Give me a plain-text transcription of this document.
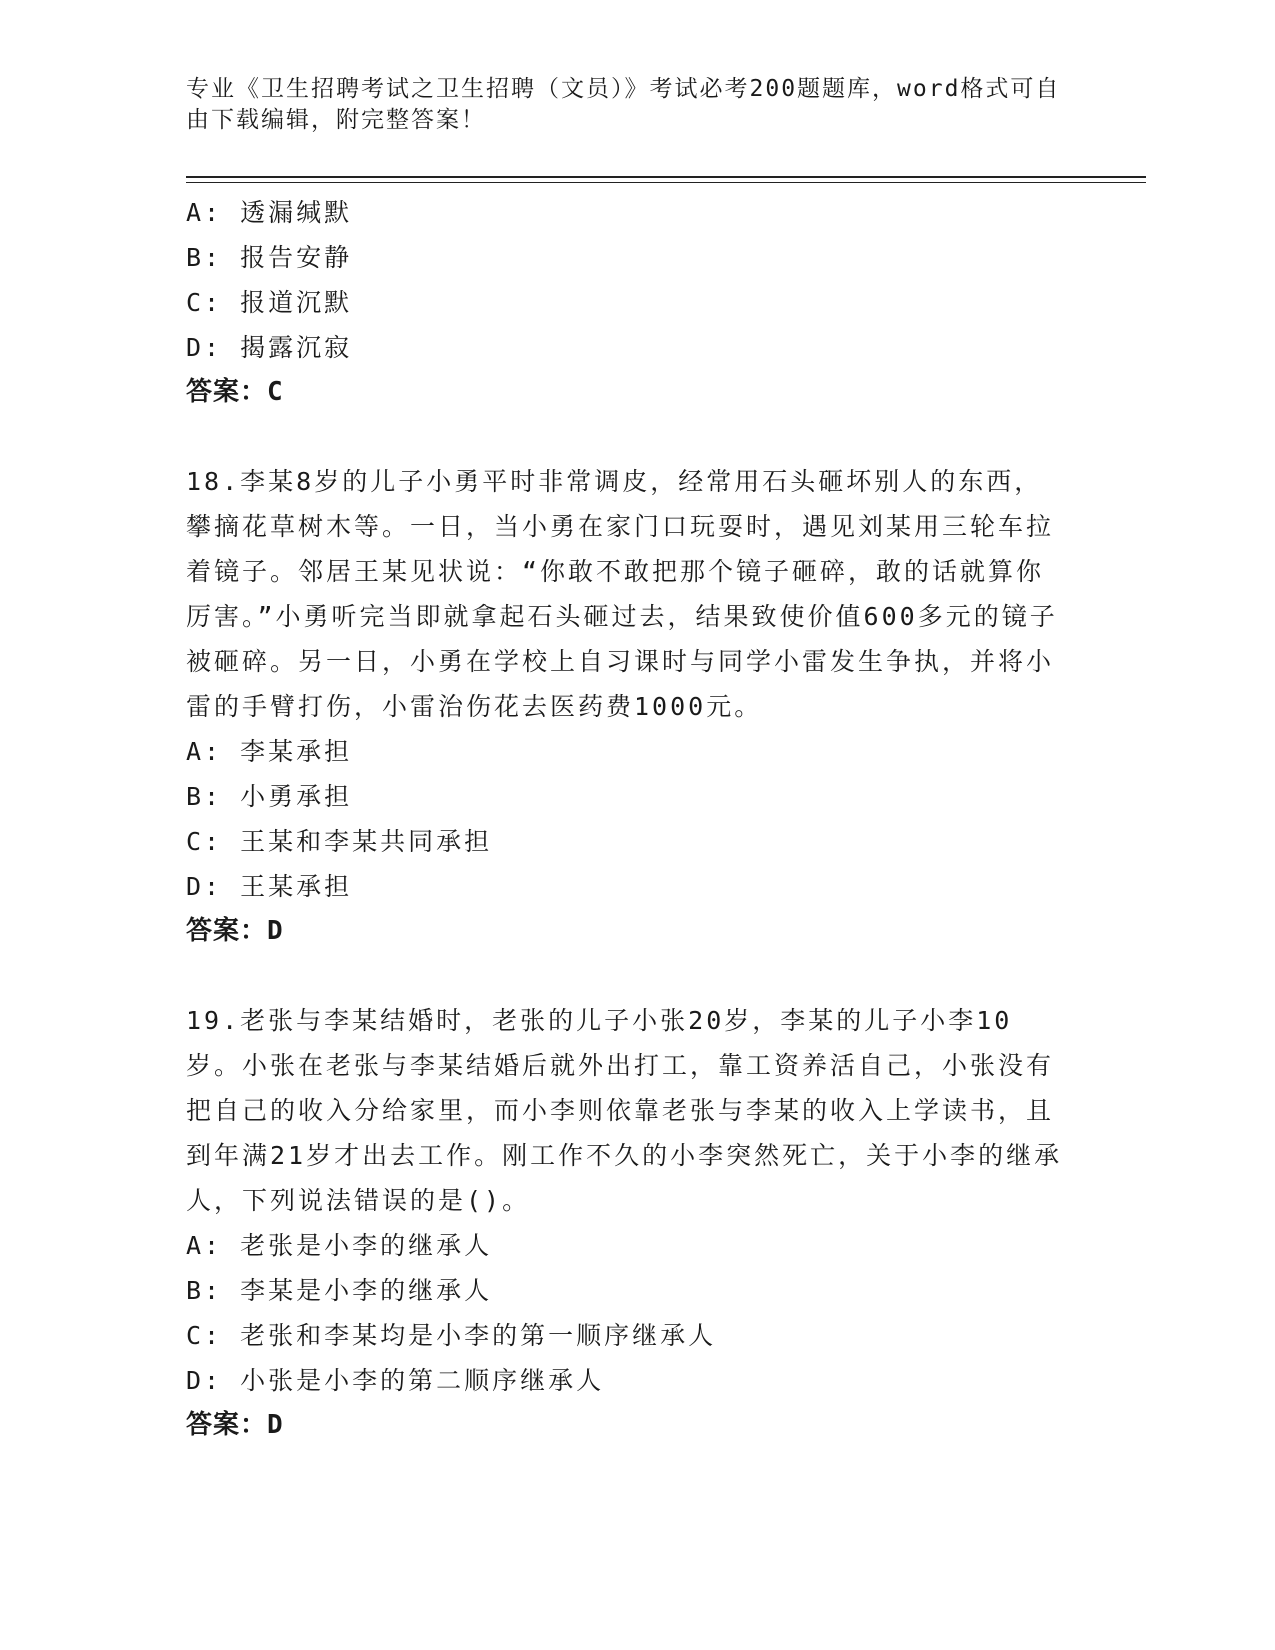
专业《卫生招聘考试之卫生招聘（文员）》考试必考200题题库，word格式可自由下载编辑，附完整答案！
A: 透漏缄默
B: 报告安静
C: 报道沉默
D: 揭露沉寂
答案：C
18.李某8岁的儿子小勇平时非常调皮，经常用石头砸坏别人的东西，攀摘花草树木等。一日，当小勇在家门口玩耍时，遇见刘某用三轮车拉着镜子。邻居王某见状说：“你敢不敢把那个镜子砸碎，敢的话就算你厉害。”小勇听完当即就拿起石头砸过去，结果致使价值600多元的镜子被砸碎。另一日，小勇在学校上自习课时与同学小雷发生争执，并将小雷的手臂打伤，小雷治伤花去医药费1000元。
A: 李某承担
B: 小勇承担
C: 王某和李某共同承担
D: 王某承担
答案：D
19.老张与李某结婚时，老张的儿子小张20岁，李某的儿子小李10岁。小张在老张与李某结婚后就外出打工，靠工资养活自己，小张没有把自己的收入分给家里，而小李则依靠老张与李某的收入上学读书，且到年满21岁才出去工作。刚工作不久的小李突然死亡，关于小李的继承人，下列说法错误的是()。
A: 老张是小李的继承人
B: 李某是小李的继承人
C: 老张和李某均是小李的第一顺序继承人
D: 小张是小李的第二顺序继承人
答案：D
